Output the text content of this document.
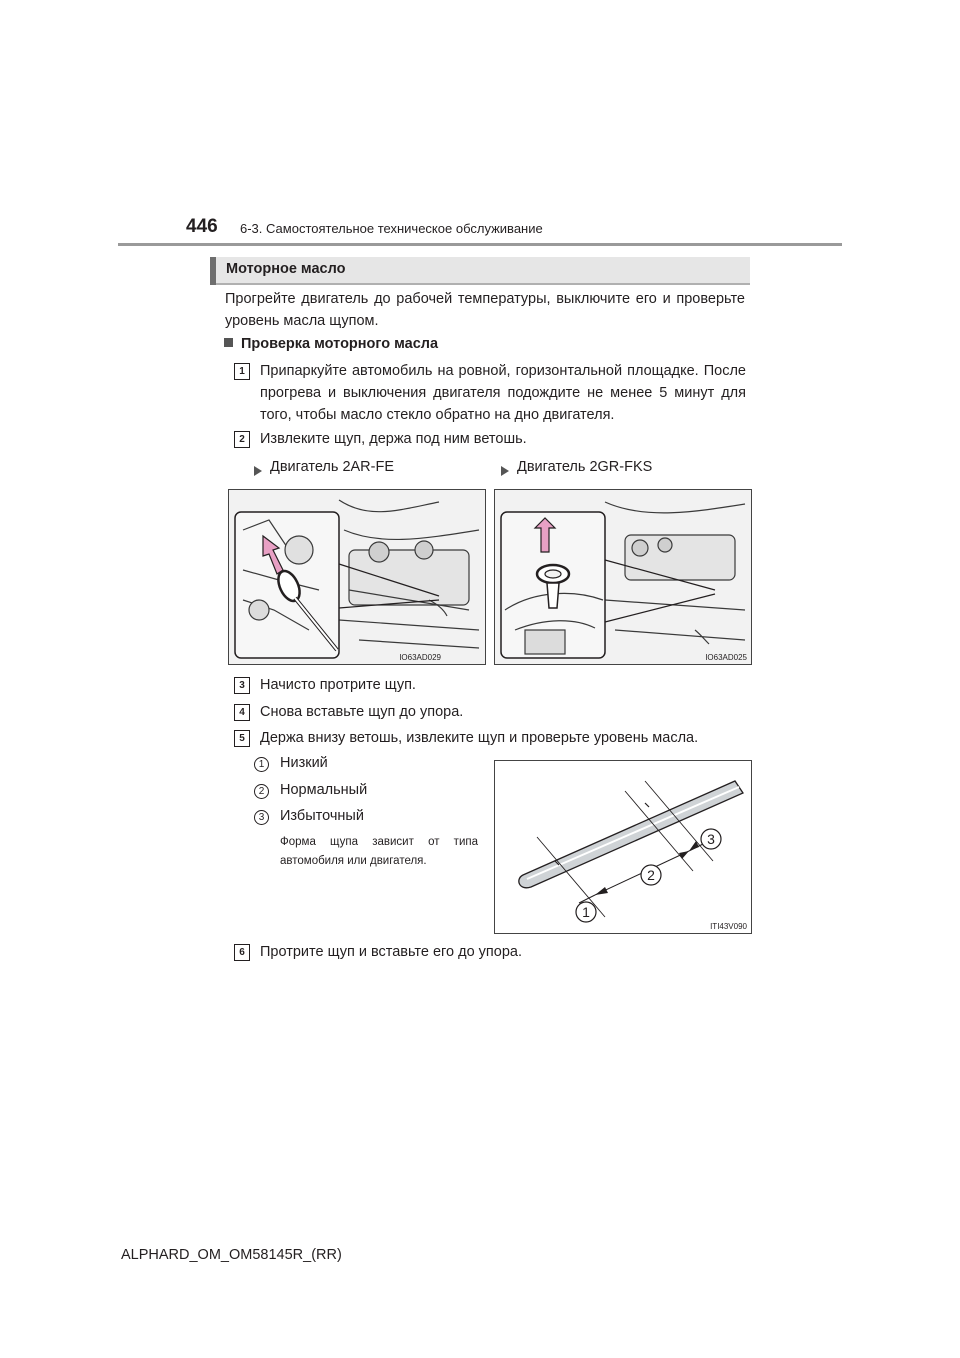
446 6-3. Самостоятельное техническое обслуживание
Моторное масло
Прогрейте двигатель до рабочей температуры, выключите его и проверьте уровень масла щупом.
Проверка моторного масла
1	Припаркуйте автомобиль на ровной, горизонтальной площадке. После прогрева и выключения двигателя подождите не менее 5 минут для того, чтобы масло стекло обратно на дно двигателя.
2	Извлеките щуп, держа под ним ветошь.
Двигатель 2AR-FE	Двигатель 2GR-FKS
IO63AD029	IO63AD025
3	Начисто протрите щуп.
4	Снова вставьте щуп до упора.
5	Держа внизу ветошь, извлеките щуп и проверьте уровень масла.
1	Низкий
2	Нормальный
3	Избыточный
Форма щупа зависит от типа автомобиля или двигателя.
1
2
3
ITI43V090
6	Протрите щуп и вставьте его до упора.
ALPHARD_OM_OM58145R_(RR)
